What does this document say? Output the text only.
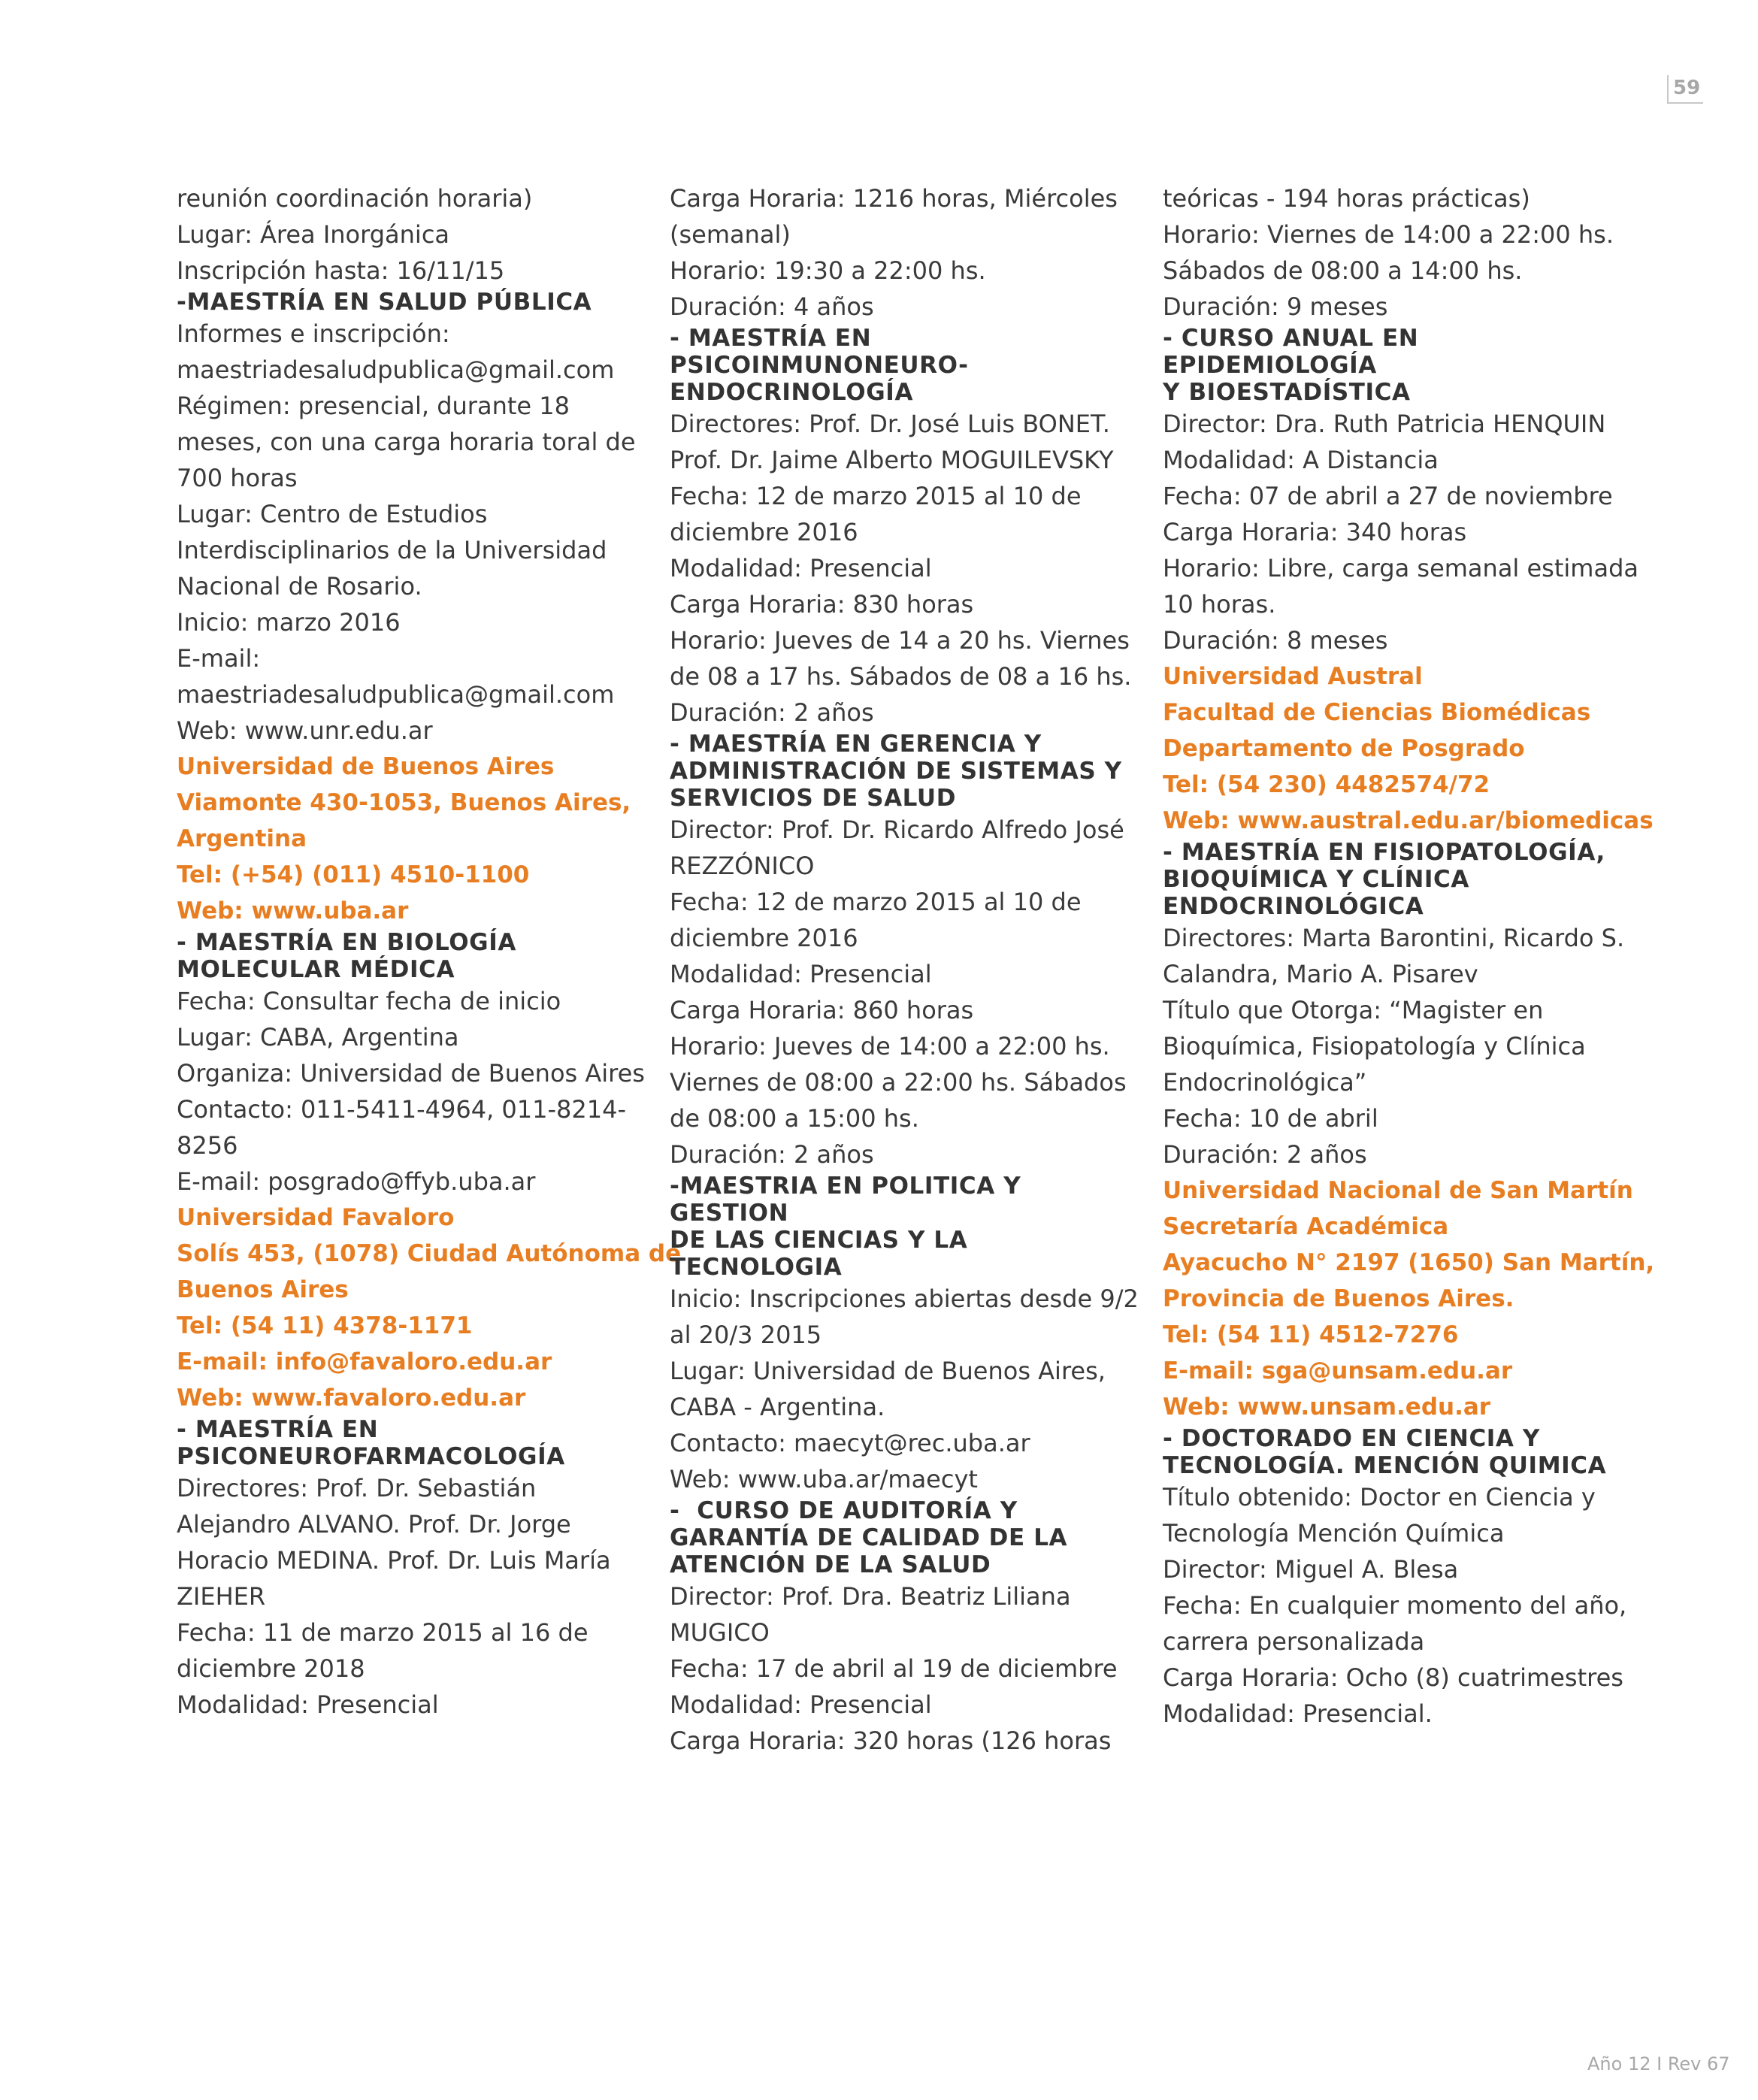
59

reunión coordinación horaria)

Lugar: Área Inorgánica

Inscripción hasta: 16/11/15

-MAESTRÍA EN SALUD PÚBLICA

Informes e inscripción:

maestriadesaludpublica@gmail.com

Régimen: presencial, durante 18

meses, con una carga horaria toral de

700 horas

Lugar: Centro de Estudios

Interdisciplinarios de la Universidad

Nacional de Rosario.

Inicio: marzo 2016

E-mail:

maestriadesaludpublica@gmail.com

Web: www.unr.edu.ar

Universidad de Buenos Aires

Viamonte 430-1053, Buenos Aires,

Argentina

Tel: (+54) (011) 4510-1100

Web: www.uba.ar

- MAESTRÍA EN BIOLOGÍA

MOLECULAR MÉDICA

Fecha: Consultar fecha de inicio

Lugar: CABA, Argentina

Organiza: Universidad de Buenos Aires

Contacto: 011-5411-4964, 011-8214-

8256

E-mail: posgrado@ffyb.uba.ar

Universidad Favaloro

Solís 453, (1078) Ciudad Autónoma de

Buenos Aires

Tel: (54 11) 4378-1171

E-mail: info@favaloro.edu.ar

Web: www.favaloro.edu.ar

- MAESTRÍA EN

PSICONEUROFARMACOLOGÍA

Directores: Prof. Dr. Sebastián

Alejandro ALVANO. Prof. Dr. Jorge

Horacio MEDINA. Prof. Dr. Luis María

ZIEHER

Fecha: 11 de marzo 2015 al 16 de

diciembre 2018

Modalidad: Presencial

Carga Horaria: 1216 horas, Miércoles

(semanal)

Horario: 19:30 a 22:00 hs.

Duración: 4 años

- MAESTRÍA EN

PSICOINMUNONEURO-

ENDOCRINOLOGÍA

Directores: Prof. Dr. José Luis BONET.

Prof. Dr. Jaime Alberto MOGUILEVSKY

Fecha: 12 de marzo 2015 al 10 de

diciembre 2016

Modalidad: Presencial

Carga Horaria: 830 horas

Horario: Jueves de 14 a 20 hs. Viernes

de 08 a 17 hs. Sábados de 08 a 16 hs.

Duración: 2 años

- MAESTRÍA EN GERENCIA Y

ADMINISTRACIÓN DE SISTEMAS Y

SERVICIOS DE SALUD

Director: Prof. Dr. Ricardo Alfredo José

REZZÓNICO

Fecha: 12 de marzo 2015 al 10 de

diciembre 2016

Modalidad: Presencial

Carga Horaria: 860 horas

Horario: Jueves de 14:00 a 22:00 hs.

Viernes de 08:00 a 22:00 hs. Sábados

de 08:00 a 15:00 hs.

Duración: 2 años

-MAESTRIA EN POLITICA Y GESTION

DE LAS CIENCIAS Y LA TECNOLOGIA

Inicio: Inscripciones abiertas desde 9/2

al 20/3 2015

Lugar: Universidad de Buenos Aires,

CABA - Argentina.

Contacto: maecyt@rec.uba.ar

Web: www.uba.ar/maecyt

-  CURSO DE AUDITORÍA Y

GARANTÍA DE CALIDAD DE LA

ATENCIÓN DE LA SALUD

Director: Prof. Dra. Beatriz Liliana

MUGICO

Fecha: 17 de abril al 19 de diciembre

Modalidad: Presencial

Carga Horaria: 320 horas (126 horas

teóricas - 194 horas prácticas)

Horario: Viernes de 14:00 a 22:00 hs.

Sábados de 08:00 a 14:00 hs.

Duración: 9 meses

- CURSO ANUAL EN EPIDEMIOLOGÍA

Y BIOESTADÍSTICA

Director: Dra. Ruth Patricia HENQUIN

Modalidad: A Distancia

Fecha: 07 de abril a 27 de noviembre

Carga Horaria: 340 horas

Horario: Libre, carga semanal estimada

10 horas.

Duración: 8 meses

Universidad Austral

Facultad de Ciencias Biomédicas

Departamento de Posgrado

Tel: (54 230) 4482574/72

Web: www.austral.edu.ar/biomedicas

- MAESTRÍA EN FISIOPATOLOGÍA,

BIOQUÍMICA Y CLÍNICA

ENDOCRINOLÓGICA

Directores: Marta Barontini, Ricardo S.

Calandra, Mario A. Pisarev

Título que Otorga: “Magister en

Bioquímica, Fisiopatología y Clínica

Endocrinológica”

Fecha: 10 de abril

Duración: 2 años

Universidad Nacional de San Martín

Secretaría Académica

Ayacucho N° 2197 (1650) San Martín,

Provincia de Buenos Aires.

Tel: (54 11) 4512-7276

E-mail: sga@unsam.edu.ar

Web: www.unsam.edu.ar

- DOCTORADO EN CIENCIA Y

TECNOLOGÍA. MENCIÓN QUIMICA

Título obtenido: Doctor en Ciencia y

Tecnología Mención Química

Director: Miguel A. Blesa

Fecha: En cualquier momento del año,

carrera personalizada

Carga Horaria: Ocho (8) cuatrimestres

Modalidad: Presencial.

Año 12 I Rev 67
